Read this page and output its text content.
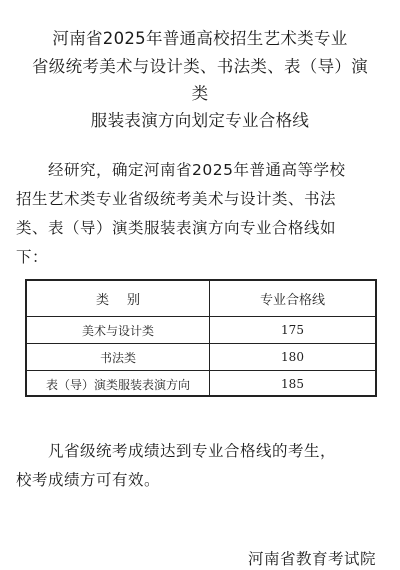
河南省2025年普通高校招生艺术类专业
省级统考美术与设计类、书法类、表（导）演
类
服装表演方向划定专业合格线
经研究，确定河南省2025年普通高等学校
招生艺术类专业省级统考美术与设计类、书法
类、表（导）演类服装表演方向专业合格线如
下：
类别	专业合格线
美术与设计类	175
书法类	180
表（导）演类服装表演方向	185
凡省级统考成绩达到专业合格线的考生，
校考成绩方可有效。
河南省教育考试院
